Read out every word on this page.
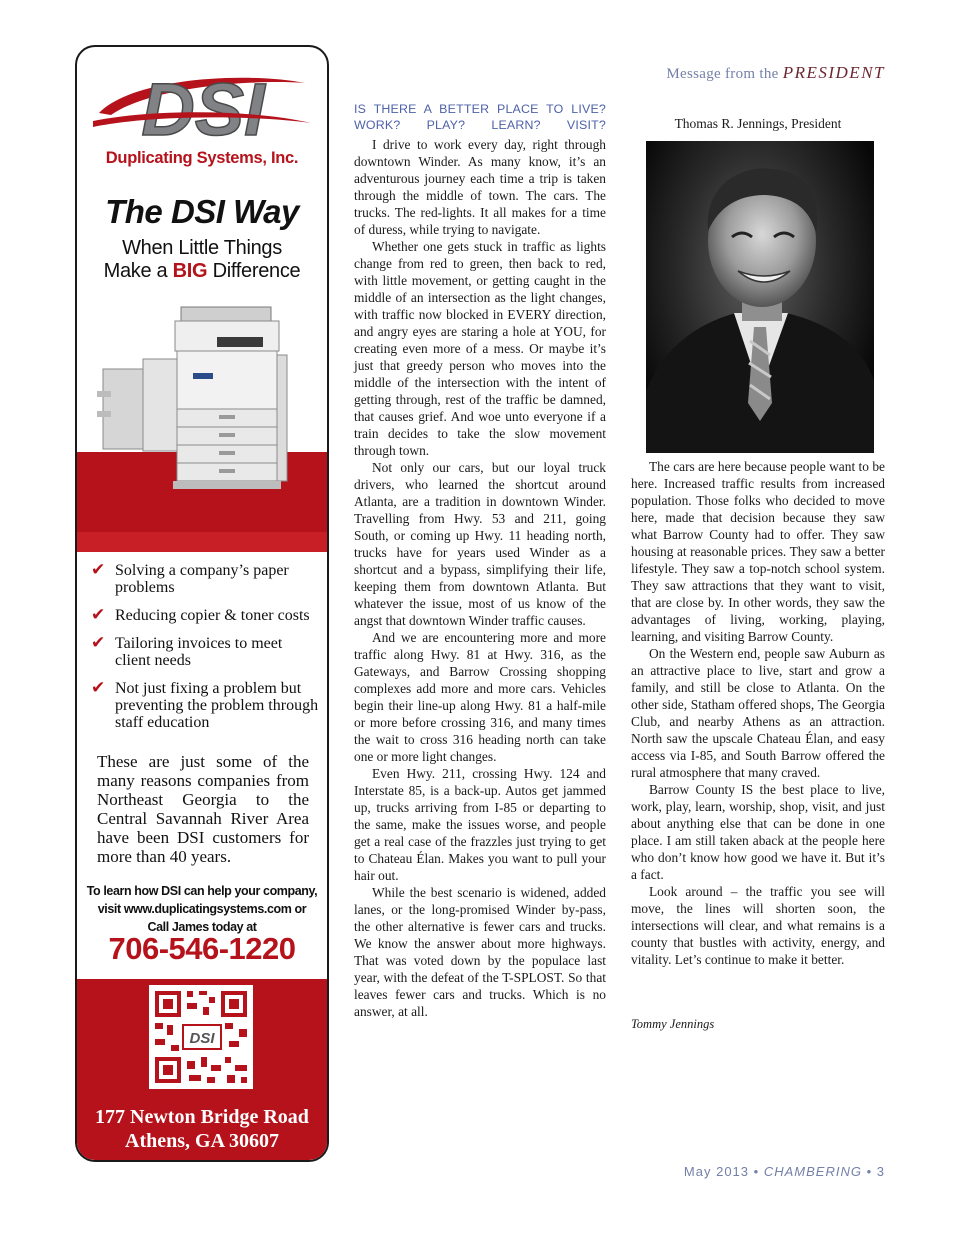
DSI
Duplicating Systems, Inc.
The DSI Way
When Little Things
Make a BIG Difference
✔ Solving a company’s paper problems
✔ Reducing copier & toner costs
✔ Tailoring invoices to meet client needs
✔ Not just fixing a problem but preventing the problem through staff education
These are just some of the many reasons companies from Northeast Georgia to the Central Savannah River Area have been DSI customers for more than 40 years.
To learn how DSI can help your company,
visit www.duplicatingsystems.com or
Call James today at
706-546-1220
DSI
177 Newton Bridge Road
Athens, GA 30607
Message from the PRESIDENT
IS THERE A BETTER PLACE TO LIVE? WORK? PLAY? LEARN? VISIT?

I drive to work every day, right through downtown Winder. As many know, it’s an adventurous journey each time a trip is taken through the middle of town. The cars. The trucks. The red-lights. It all makes for a time of duress, while trying to navigate.

Whether one gets stuck in traffic as lights change from red to green, then back to red, with little movement, or getting caught in the middle of an intersection as the light changes, with traffic now blocked in EVERY direction, and angry eyes are staring a hole at YOU, for creating even more of a mess. Or maybe it’s just that greedy person who moves into the middle of the intersection with the intent of getting through, rest of the traffic be damned, that causes grief. And woe unto everyone if a train decides to take the slow movement through town.

Not only our cars, but our loyal truck drivers, who learned the shortcut around Atlanta, are a tradition in downtown Winder. Travelling from Hwy. 53 and 211, going South, or coming up Hwy. 11 heading north, trucks have for years used Winder as a shortcut and a bypass, simplifying their life, keeping them from downtown Atlanta. But whatever the issue, most of us know of the angst that downtown Winder traffic causes.

And we are encountering more and more traffic along Hwy. 81 at Hwy. 316, as the Gateways, and Barrow Crossing shopping complexes add more and more cars. Vehicles begin their line-up along Hwy. 81 a half-mile or more before crossing 316, and many times the wait to cross 316 heading north can take one or more light changes.

Even Hwy. 211, crossing Hwy. 124 and Interstate 85, is a back-up. Autos get jammed up, trucks arriving from I-85 or departing to the same, make the issues worse, and people get a real case of the frazzles just trying to get to Chateau Élan. Makes you want to pull your hair out.

While the best scenario is widened, added lanes, or the long-promised Winder by-pass, the other alternative is fewer cars and trucks. We know the answer about more highways. That was voted down by the populace last year, with the defeat of the T-SPLOST. So that leaves fewer cars and trucks. Which is no answer, at all.

Thomas R. Jennings, President

The cars are here because people want to be here. Increased traffic results from increased population. Those folks who decided to move here, made that decision because they saw what Barrow County had to offer. They saw housing at reasonable prices. They saw a better lifestyle. They saw a top-notch school system. They saw attractions that they want to visit, that are close by. In other words, they saw the advantages of living, working, playing, learning, and visiting Barrow County.

On the Western end, people saw Auburn as an attractive place to live, start and grow a family, and still be close to Atlanta. On the other side, Statham offered shops, The Georgia Club, and nearby Athens as an attraction. North saw the upscale Chateau Élan, and easy access via I-85, and South Barrow offered the rural atmosphere that many craved.

Barrow County IS the best place to live, work, play, learn, worship, shop, visit, and just about anything else that can be done in one place. I am still taken aback at the people here who don’t know how good we have it. But it’s a fact.

Look around – the traffic you see will move, the lines will shorten soon, the intersections will clear, and what remains is a county that bustles with activity, energy, and vitality. Let’s continue to make it better.

Tommy Jennings
May 2013 • CHAMBERING • 3
